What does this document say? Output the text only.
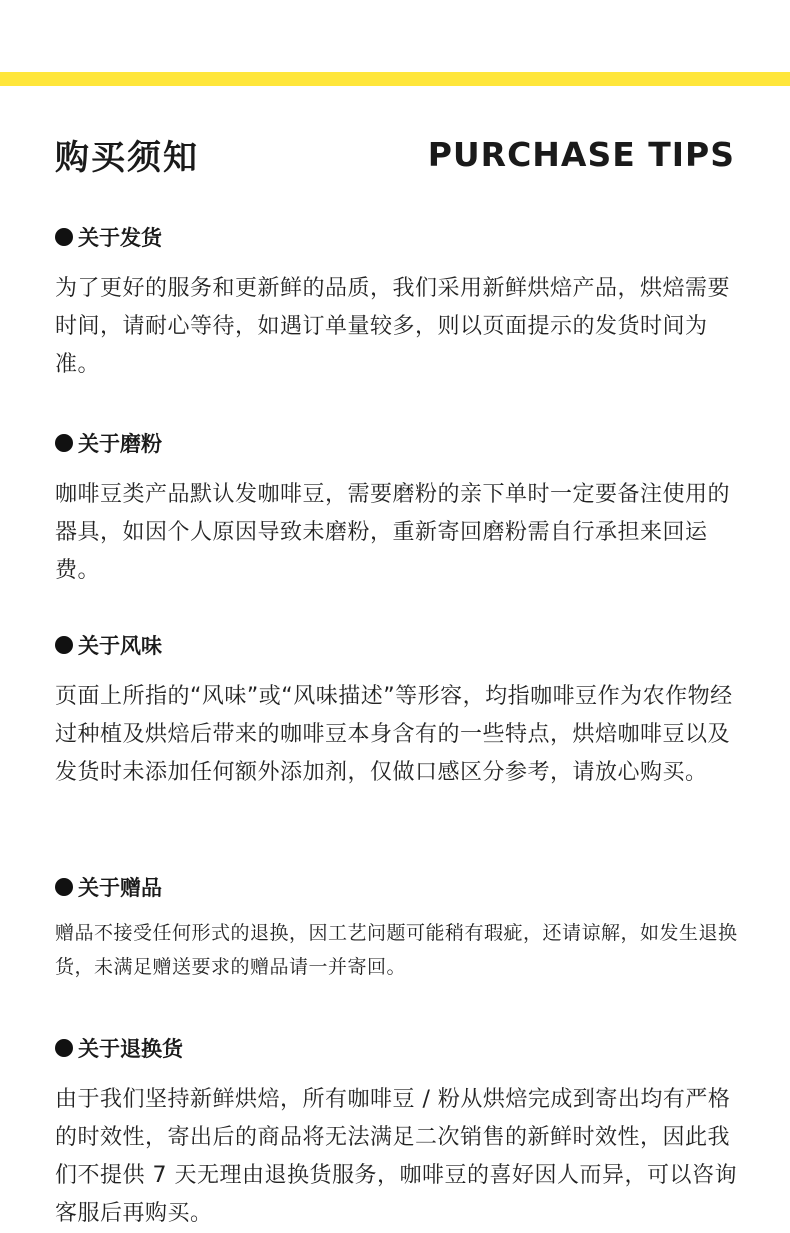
购买须知	PURCHASE TIPS
关于发货
为了更好的服务和更新鲜的品质，我们采用新鲜烘焙产品，烘焙需要时间，请耐心等待，如遇订单量较多，则以页面提示的发货时间为准。
关于磨粉
咖啡豆类产品默认发咖啡豆，需要磨粉的亲下单时一定要备注使用的器具，如因个人原因导致未磨粉，重新寄回磨粉需自行承担来回运费。
关于风味
页面上所指的“风味”或“风味描述”等形容，均指咖啡豆作为农作物经过种植及烘焙后带来的咖啡豆本身含有的一些特点，烘焙咖啡豆以及发货时未添加任何额外添加剂，仅做口感区分参考，请放心购买。
关于赠品
赠品不接受任何形式的退换，因工艺问题可能稍有瑕疵，还请谅解，如发生退换货，未满足赠送要求的赠品请一并寄回。
关于退换货
由于我们坚持新鲜烘焙，所有咖啡豆 / 粉从烘焙完成到寄出均有严格的时效性，寄出后的商品将无法满足二次销售的新鲜时效性，因此我们不提供 7 天无理由退换货服务，咖啡豆的喜好因人而异，可以咨询客服后再购买。
